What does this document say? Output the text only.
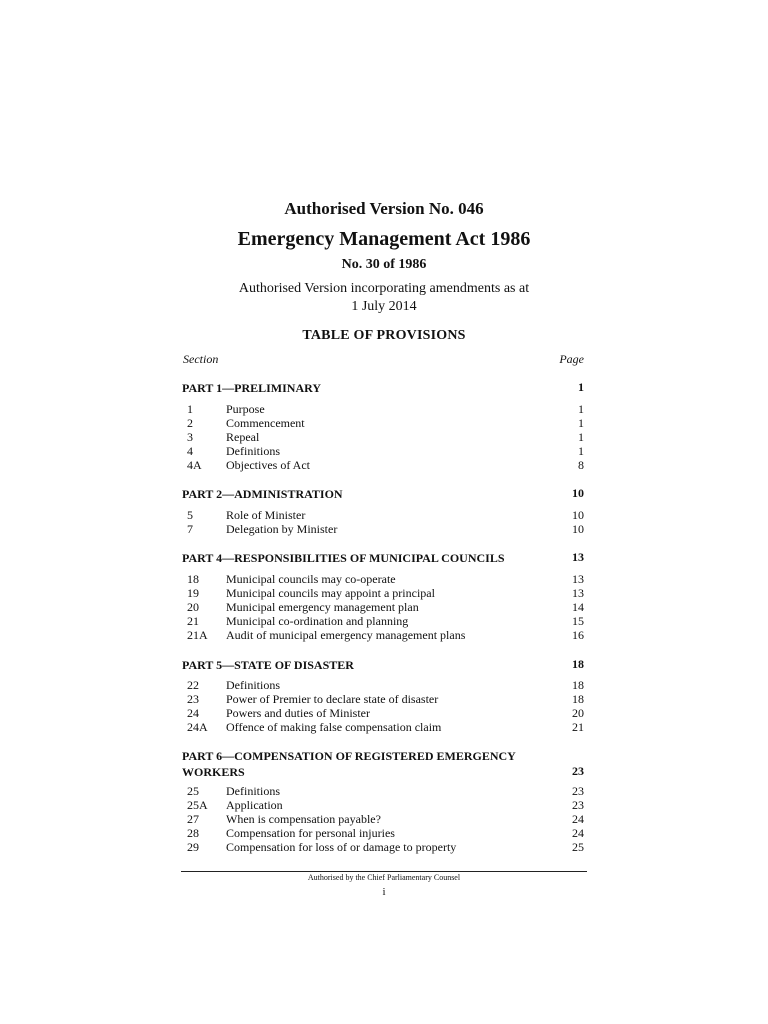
Authorised Version No. 046
Emergency Management Act 1986
No. 30 of 1986
Authorised Version incorporating amendments as at
1 July 2014
TABLE OF PROVISIONS
Section	Page
PART 1—PRELIMINARY	1
1	Purpose	1
2	Commencement	1
3	Repeal	1
4	Definitions	1
4A	Objectives of Act	8
PART 2—ADMINISTRATION	10
5	Role of Minister	10
7	Delegation by Minister	10
PART 4—RESPONSIBILITIES OF MUNICIPAL COUNCILS	13
18	Municipal councils may co-operate	13
19	Municipal councils may appoint a principal	13
20	Municipal emergency management plan	14
21	Municipal co-ordination and planning	15
21A	Audit of municipal emergency management plans	16
PART 5—STATE OF DISASTER	18
22	Definitions	18
23	Power of Premier to declare state of disaster	18
24	Powers and duties of Minister	20
24A	Offence of making false compensation claim	21
PART 6—COMPENSATION OF REGISTERED EMERGENCY
WORKERS	23
25	Definitions	23
25A	Application	23
27	When is compensation payable?	24
28	Compensation for personal injuries	24
29	Compensation for loss of or damage to property	25
Authorised by the Chief Parliamentary Counsel
i
